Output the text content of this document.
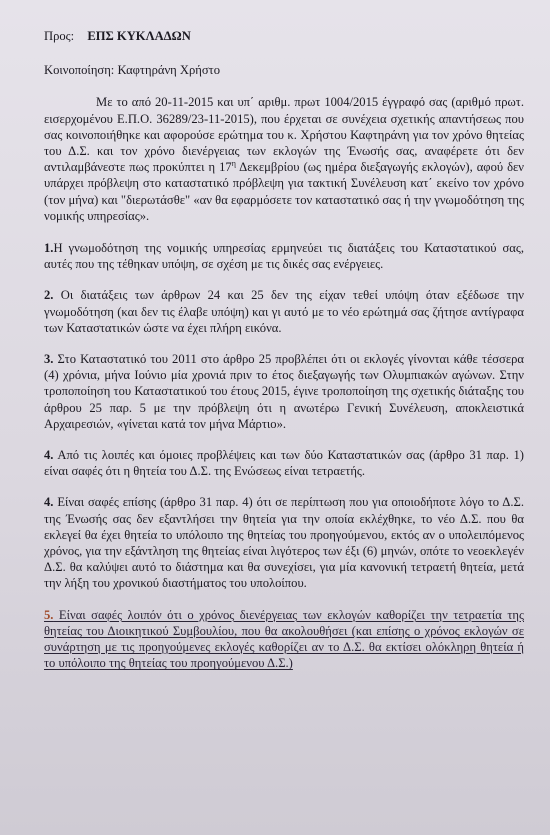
Προς: ΕΠΣ ΚΥΚΛΑΔΩΝ
Κοινοποίηση: Καφτηράνη Χρήστο

Με το από 20-11-2015 και υπ΄ αριθμ. πρωτ 1004/2015 έγγραφό σας (αριθμό πρωτ. εισερχομένου Ε.Π.Ο. 36289/23-11-2015), που έρχεται σε συνέχεια σχετικής απαντήσεως που σας κοινοποιήθηκε και αφορούσε ερώτημα του κ. Χρήστου Καφτηράνη για τον χρόνο θητείας του Δ.Σ. και τον χρόνο διενέργειας των εκλογών της Ένωσής σας, αναφέρετε ότι δεν αντιλαμβάνεστε πως προκύπτει η $17^\eta$ Δεκεμβρίου (ως ημέρα διεξαγωγής εκλογών), αφού δεν υπάρχει πρόβλεψη στο καταστατικό πρόβλεψη για τακτική Συνέλευση κατ΄ εκείνο τον χρόνο (τον μήνα) και "διερωτάσθε" «αν θα εφαρμόσετε τον καταστατικό σας ή την γνωμοδότηση της νομικής υπηρεσίας».

1.Η γνωμοδότηση της νομικής υπηρεσίας ερμηνεύει τις διατάξεις του Καταστατικού σας, αυτές που της τέθηκαν υπόψη, σε σχέση με τις δικές σας ενέργειες.

2. Οι διατάξεις των άρθρων 24 και 25 δεν της είχαν τεθεί υπόψη όταν εξέδωσε την γνωμοδότηση (και δεν τις έλαβε υπόψη) και γι αυτό με το νέο ερώτημά σας ζήτησε αντίγραφα των Καταστατικών ώστε να έχει πλήρη εικόνα.

3. Στο Καταστατικό του 2011 στο άρθρο 25 προβλέπει ότι οι εκλογές γίνονται κάθε τέσσερα (4) χρόνια, μήνα Ιούνιο μία χρονιά πριν το έτος διεξαγωγής των Ολυμπιακών αγώνων. Στην τροποποίηση του Καταστατικού του έτους 2015, έγινε τροποποίηση της σχετικής διάταξης του άρθρου 25 παρ. 5 με την πρόβλεψη ότι η ανωτέρω Γενική Συνέλευση, αποκλειστικά Αρχαιρεσιών, «γίνεται κατά τον μήνα Μάρτιο».

4. Από τις λοιπές και όμοιες προβλέψεις και των δύο Καταστατικών σας (άρθρο 31 παρ. 1) είναι σαφές ότι η θητεία του Δ.Σ. της Ενώσεως είναι τετραετής.

4. Είναι σαφές επίσης (άρθρο 31 παρ. 4) ότι σε περίπτωση που για οποιοδήποτε λόγο το Δ.Σ. της Ένωσής σας δεν εξαντλήσει την θητεία για την οποία εκλέχθηκε, το νέο Δ.Σ. που θα εκλεγεί θα έχει θητεία το υπόλοιπο της θητείας του προηγούμενου, εκτός αν ο υπολειπόμενος χρόνος, για την εξάντληση της θητείας είναι λιγότερος των έξι (6) μηνών, οπότε το νεοεκλεγέν Δ.Σ. θα καλύψει αυτό το διάστημα και θα συνεχίσει, για μία κανονική τετραετή θητεία, μετά την λήξη του χρονικού διαστήματος του υπολοίπου.

5. Είναι σαφές λοιπόν ότι ο χρόνος διενέργειας των εκλογών καθορίζει την τετραετία της θητείας του Διοικητικού Συμβουλίου, που θα ακολουθήσει (και επίσης ο χρόνος εκλογών σε συνάρτηση με τις προηγούμενες εκλογές καθορίζει αν το Δ.Σ. θα εκτίσει ολόκληρη θητεία ή το υπόλοιπο της θητείας του προηγούμενου Δ.Σ.)
